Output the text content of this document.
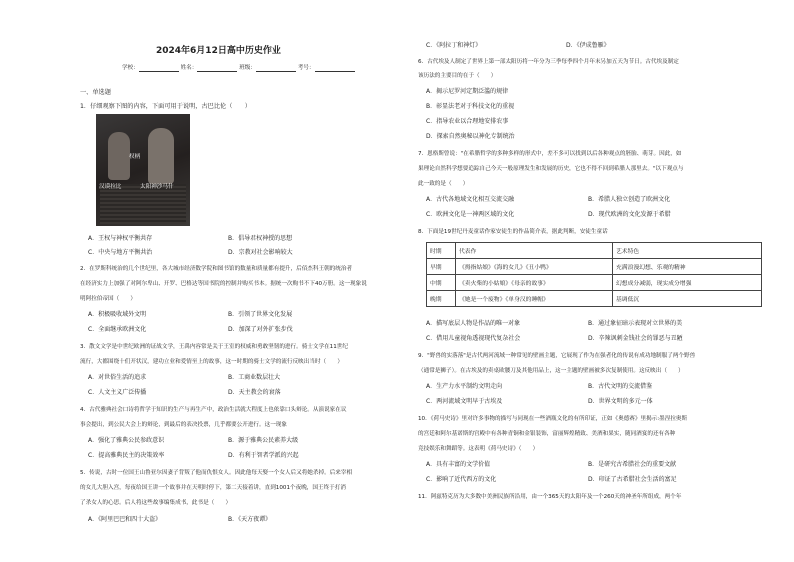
2024年6月12日高中历史作业
学校：	姓名：	班级：	考号：
一、单选题
1．仔细观察下图的内容，下面可用于说明，古巴比伦（　　）
权柄
汉谟拉比	太阳神沙马什
A．王权与神权平衡共存	B．倡导君权神授的思想
C．中央与地方平衡共治	D．宗教对社会影响较大
2．在罗斯科统治的几个世纪里，各大城市经济数学院和图书馆的数量和质量都有提升，后佰杰科王朝的统治者
在经济实力上加强了对阿尔卑山、开罗、巴格达等国书院的控制并购买书本。据统一次购书不下40万册。这一现象说
明阿拉伯帝国（　　）
A．积极吸收域外文明	B．引领了世界文化发展
C．全面继承欧洲文化	D．加深了对外扩张步伐
3．散文文学是中世纪欧洲的证战文学，王禹内容常是关于王室的权威和勇敢坚韧的进行。骑士文学在11世纪
流行，大都围绕十们开状汉，建功立业和爱情至上的故事，这一时期的骑士文学的流行反映出当时（　　）
A．对世俗生活的追求	B．工商业数层壮大
C．人文主义广泛传播	D．天主教会的衰落
4．古代雅典社会口诗将哲学于知识的生产与再生产中，政治生活就大程度上也依靠口头辩论。从演说家在议
事会提出，到公民大会上的辩论，到最后的表决投票，几乎都要公开进行。这一现象
A．强化了雅典公民参政意识	B．源于雅典公民素养大级
C．提高雅典民主的决策效率	D．有利于智者学派的兴起
5．传说，古时一位国王山鲁亚尔因妻子背叛了他而仇恨女人。因此他每天娶一个女人后又将她杀掉。后来宰相
的女儿大胆入宫，每夜给国王讲一个故事并在天明时停下，第二天接着讲，直到1001个夜晚，国王终于打消
了杀女人的心思。后人将这些故事编集成书，此书是（　　）
A．《阿里巴巴和四十大盗》	B．《天方夜谭》
C．《阿拉丁和神灯》	D．《伊成鲁雁》
6．古代埃及人制定了世界上第一部太阳历将一年分为三季每季四个月年末另加五天为节日。古代埃及制定
该历法的主要目的在于（　　）
A．揭示尼罗河定期泛滥的规律
B．彰显法老对于科技文化的重视
C．指导农业以合理地安排农事
D．探索自然奥秘以神化专制统治
7．恩格斯曾说："在希腊哲学的多种多样的形式中，差不多可以找到以后各种观点的胚胎、萌芽。因此，如
果理论自然科学想要追踪自己今天一般原理发生和发展的历史，它也不得不回到希腊人那里去。"以下观点与
此一致的是（　　）
A．古代各地域文化相互交流交融	B．希腊人独立创造了欧洲文化
C．欧洲文化是一神两区域的文化	D．现代欧洲的文化发源于希腊
8．下面是19世纪丹麦童话作家安徒生的作品简介表，据此判断，安徒生童话
时期	代表作	艺术特色
早期	《拇指姑娘》《海的女儿》《丑小鸭》	充满浪漫幻想、乐观的精神
中期	《卖火柴的小姑娘》《母亲的故事》	幻想成分减弱，现实成分增强
晚期	《她是一个废物》《单身汉的睡帽》	基调低沉
A．描写底层人物是作品的唯一对象	B．通过象征暗示表现对立世界的美
C．借用儿童视角透视现代复杂社会	D．辛辣讽刺金钱社会的罪恶与丑陋
9．"野兽的实落落"是古代两河流域一种常见的壁画主题，它展现了作为在强者化的传说有成功地制服了两个野兽
（通常是狮子）。在古埃及的卖桌欧腰刀及其他用品上，这一主题的壁画被多次复制使用。这反映出（　　）
A．生产力水平制约文明走向	B．古代文明的交流借鉴
C．两河流域文明早于古埃及	D．世界文明的多元一体
10．《荷马史诗》里对许多事物的描写与同现在一些酒瓶文化的有所印证，正如《奥德赛》里揭示:墨涅拉奥斯
的宫廷和阿尔基诺斯的宫殿中有各种青铜和金银装饰，富丽辉煌精致、美酒和果实，随同酒宴的还有各种
竞技娱乐和舞蹈等。这表明《荷马史诗》（　　）
A．具有丰富的文学价值	B．是研究古希腊社会的重要文献
C．影响了近代西方的文化	D．印证了古希腊社会生活的富足
11．阿兹特克历为大多数中美洲民族所沿用，由一个365天的太阳年及一个260天的神圣年所组成，两个年
